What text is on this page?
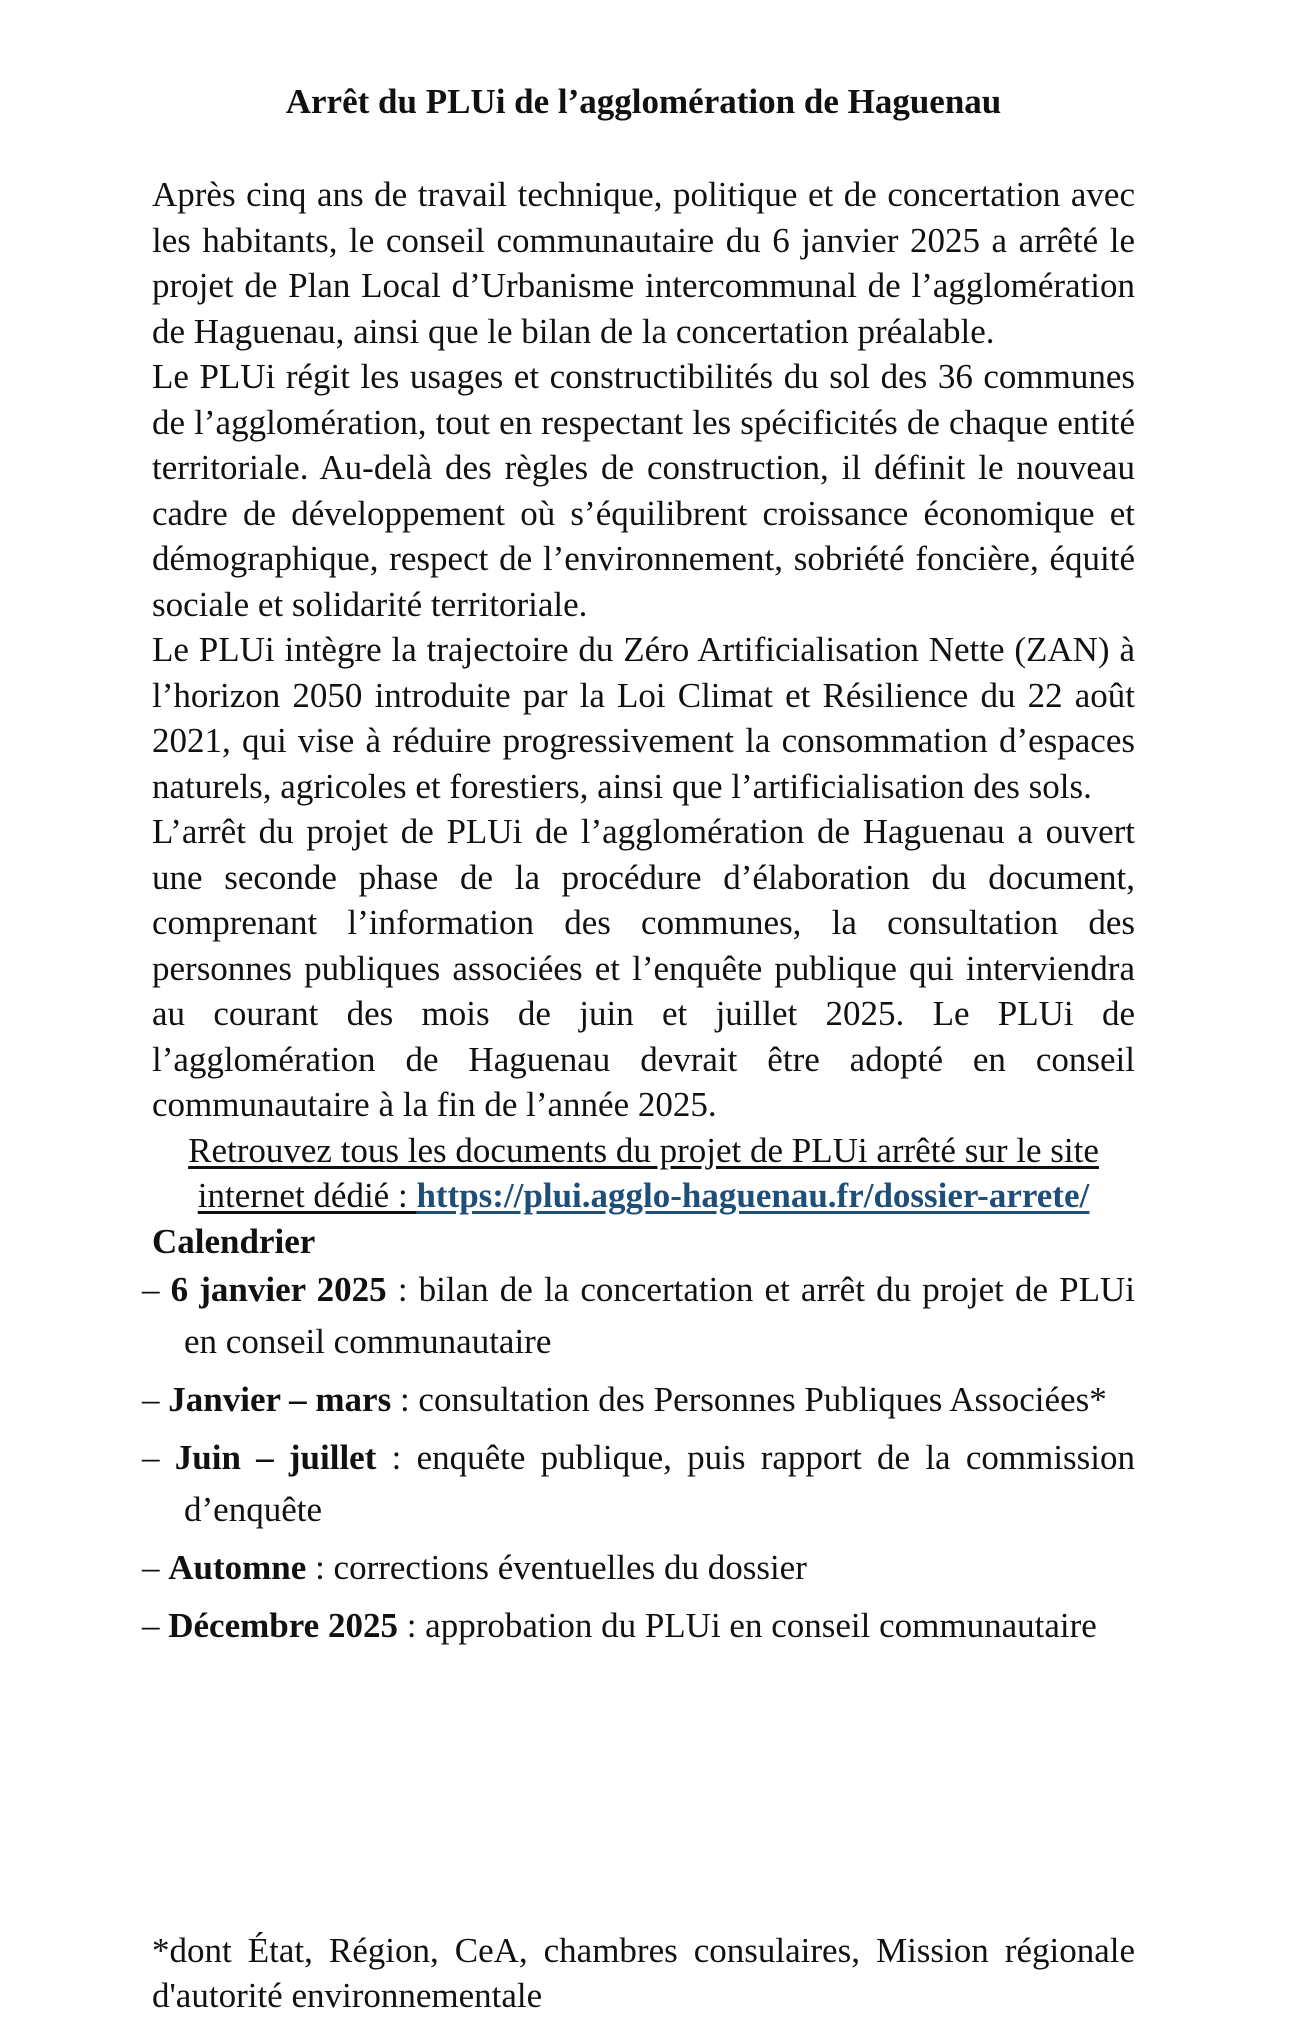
Arrêt du PLUi de l’agglomération de Haguenau

Après cinq ans de travail technique, politique et de concertation avec les habitants, le conseil communautaire du 6 janvier 2025 a arrêté le projet de Plan Local d’Urbanisme intercommunal de l’agglomération de Haguenau, ainsi que le bilan de la concertation préalable.

Le PLUi régit les usages et constructibilités du sol des 36 communes de l’agglomération, tout en respectant les spécificités de chaque entité territoriale. Au-delà des règles de construction, il définit le nouveau cadre de développement où s’équilibrent croissance économique et démographique, respect de l’environnement, sobriété foncière, équité sociale et solidarité territoriale.

Le PLUi intègre la trajectoire du Zéro Artificialisation Nette (ZAN) à l’horizon 2050 introduite par la Loi Climat et Résilience du 22 août 2021, qui vise à réduire progressivement la consommation d’espaces naturels, agricoles et forestiers, ainsi que l’artificialisation des sols.

L’arrêt du projet de PLUi de l’agglomération de Haguenau a ouvert une seconde phase de la procédure d’élaboration du document, comprenant l’information des communes, la consultation des personnes publiques associées et l’enquête publique qui interviendra au courant des mois de juin et juillet 2025. Le PLUi de l’agglomération de Haguenau devrait être adopté en conseil communautaire à la fin de l’année 2025.

Retrouvez tous les documents du projet de PLUi arrêté sur le site internet dédié : https://plui.agglo-haguenau.fr/dossier-arrete/

Calendrier

– 6 janvier 2025 : bilan de la concertation et arrêt du projet de PLUi en conseil communautaire
– Janvier – mars : consultation des Personnes Publiques Associées*
– Juin – juillet : enquête publique, puis rapport de la commission d’enquête
– Automne : corrections éventuelles du dossier
– Décembre 2025 : approbation du PLUi en conseil communautaire

*dont État, Région, CeA, chambres consulaires, Mission régionale d'autorité environnementale
